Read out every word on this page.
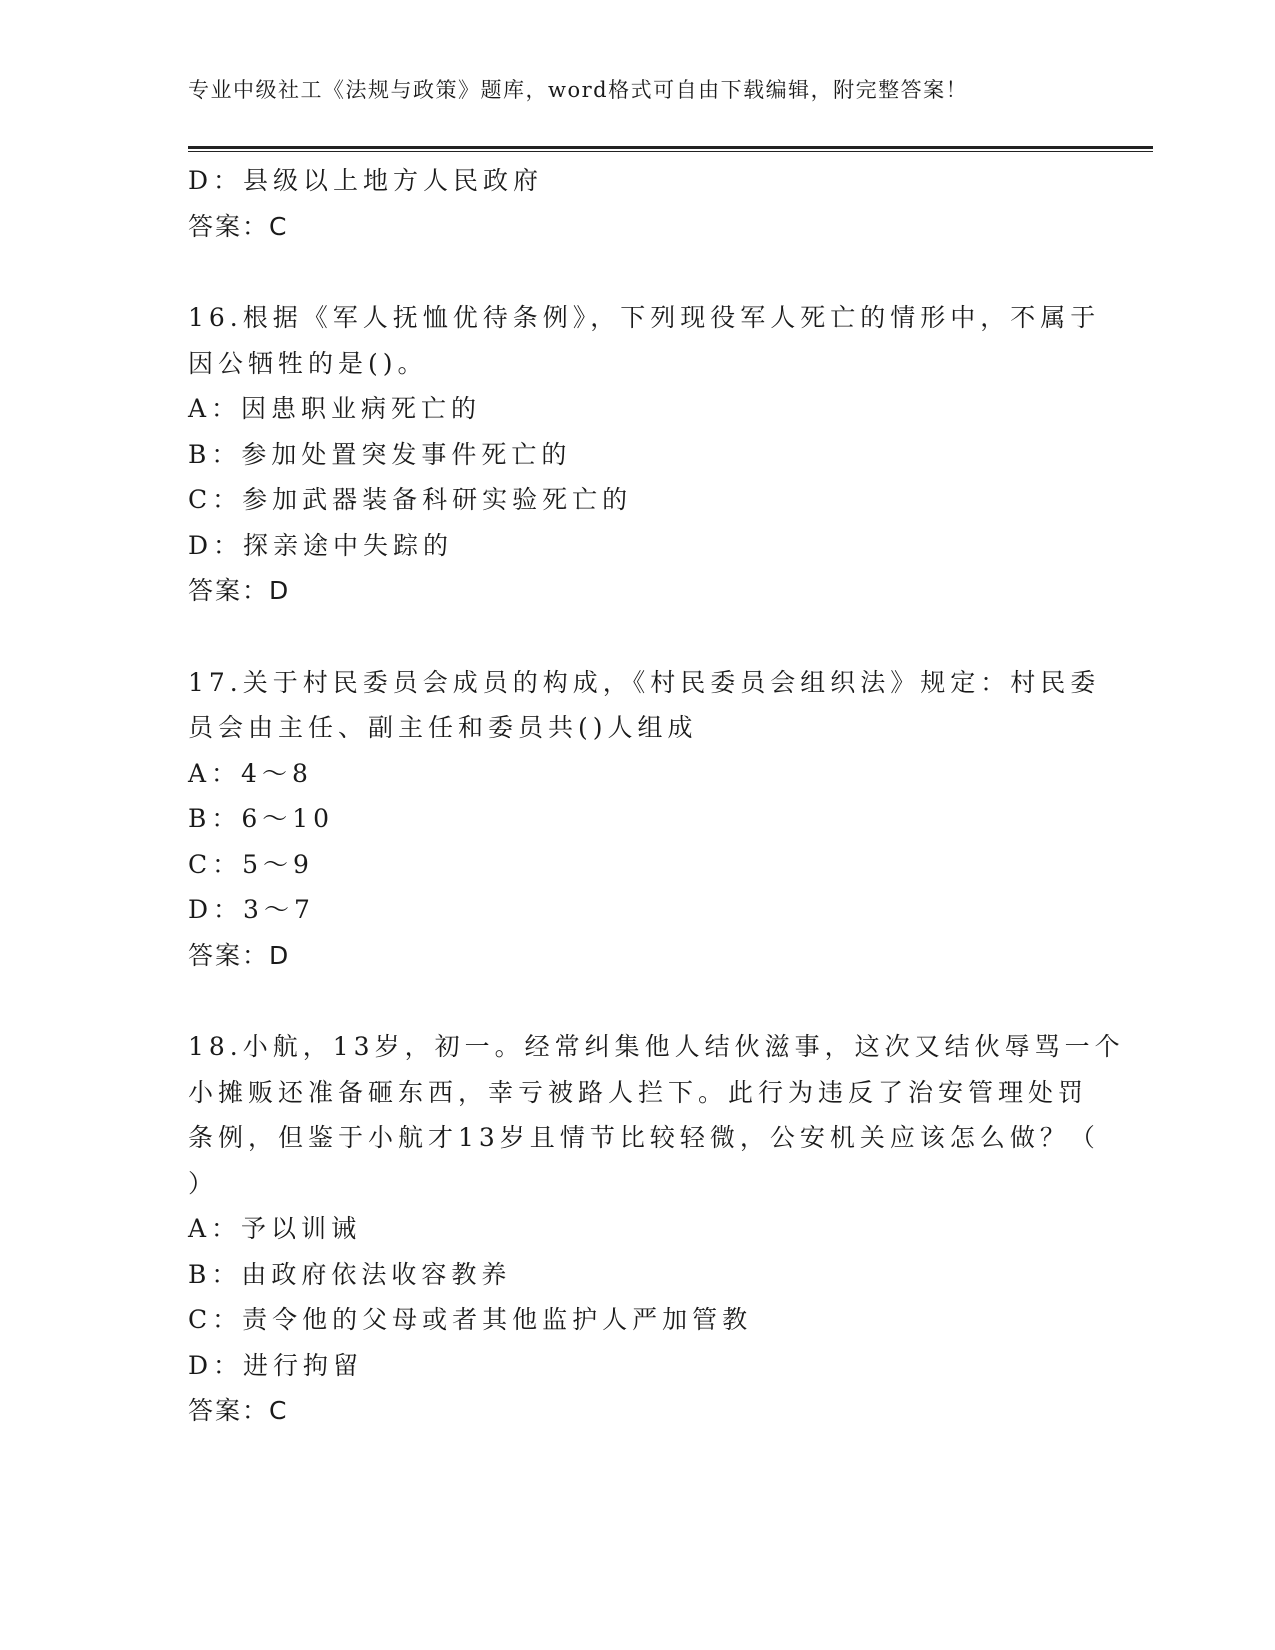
专业中级社工《法规与政策》题库，word格式可自由下载编辑，附完整答案！
D：县级以上地方人民政府
答案：C
16.根据《军人抚恤优待条例》，下列现役军人死亡的情形中，不属于
因公牺牲的是()。
A：因患职业病死亡的
B：参加处置突发事件死亡的
C：参加武器装备科研实验死亡的
D：探亲途中失踪的
答案：D
17.关于村民委员会成员的构成，《村民委员会组织法》规定：村民委
员会由主任、副主任和委员共()人组成
A：4～8
B：6～10
C：5～9
D：3～7
答案：D
18.小航，13岁，初一。经常纠集他人结伙滋事，这次又结伙辱骂一个
小摊贩还准备砸东西，幸亏被路人拦下。此行为违反了治安管理处罚
条例，但鉴于小航才13岁且情节比较轻微，公安机关应该怎么做？（
）
A：予以训诫
B：由政府依法收容教养
C：责令他的父母或者其他监护人严加管教
D：进行拘留
答案：C
